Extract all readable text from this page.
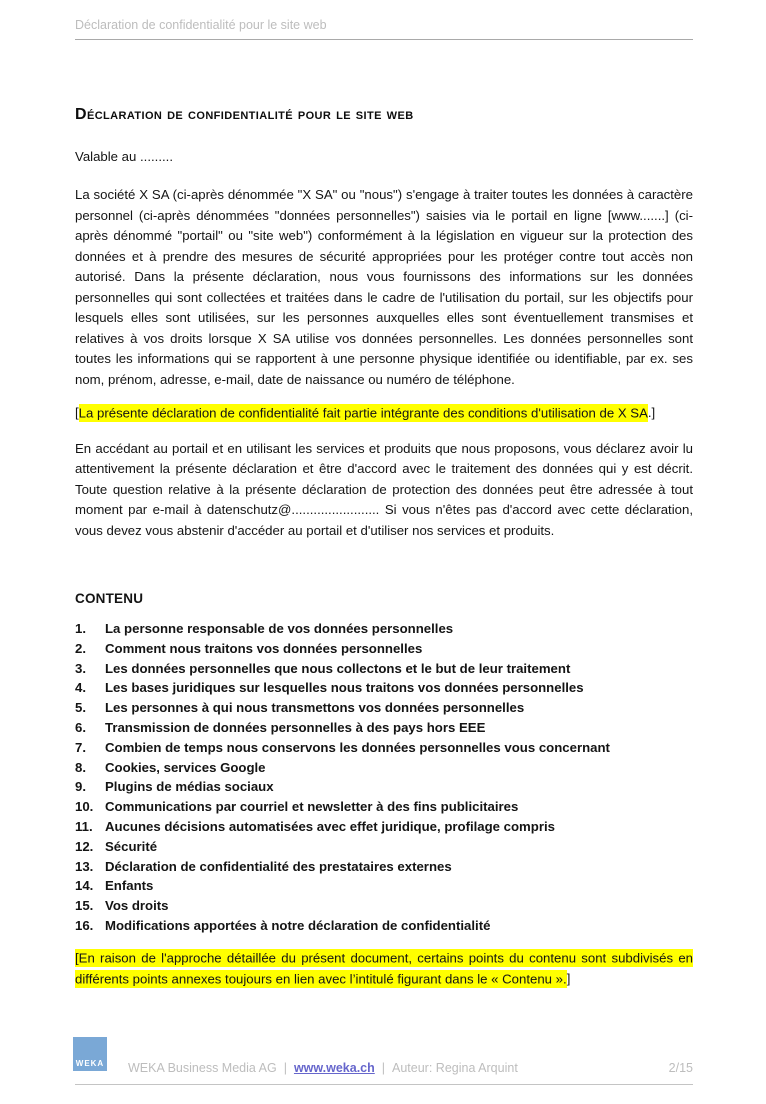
Déclaration de confidentialité pour le site web
Déclaration de confidentialité pour le site web

Valable au .........

La société X SA (ci-après dénommée "X SA" ou "nous") s'engage à traiter toutes les données à caractère personnel (ci-après dénommées "données personnelles") saisies via le portail en ligne [www.......] (ci-après dénommé "portail" ou "site web") conformément à la législation en vigueur sur la protection des données et à prendre des mesures de sécurité appropriées pour les protéger contre tout accès non autorisé. Dans la présente déclaration, nous vous fournissons des informations sur les données personnelles qui sont collectées et traitées dans le cadre de l'utilisation du portail, sur les objectifs pour lesquels elles sont utilisées, sur les personnes auxquelles elles sont éventuellement transmises et relatives à vos droits lorsque X SA utilise vos données personnelles. Les données personnelles sont toutes les informations qui se rapportent à une personne physique identifiée ou identifiable, par ex. ses nom, prénom, adresse, e-mail, date de naissance ou numéro de téléphone.

[La présente déclaration de confidentialité fait partie intégrante des conditions d'utilisation de X SA.]

En accédant au portail et en utilisant les services et produits que nous proposons, vous déclarez avoir lu attentivement la présente déclaration et être d'accord avec le traitement des données qui y est décrit. Toute question relative à la présente déclaration de protection des données peut être adressée à tout moment par e-mail à datenschutz@........................ Si vous n'êtes pas d'accord avec cette déclaration, vous devez vous abstenir d'accéder au portail et d'utiliser nos services et produits.

CONTENU
1.	La personne responsable de vos données personnelles
2.	Comment nous traitons vos données personnelles
3.	Les données personnelles que nous collectons et le but de leur traitement
4.	Les bases juridiques sur lesquelles nous traitons vos données personnelles
5.	Les personnes à qui nous transmettons vos données personnelles
6.	Transmission de données personnelles à des pays hors EEE
7.	Combien de temps nous conservons les données personnelles vous concernant
8.	Cookies, services Google
9.	Plugins de médias sociaux
10. Communications par courriel et newsletter à des fins publicitaires
11. Aucunes décisions automatisées avec effet juridique, profilage compris
12. Sécurité
13. Déclaration de confidentialité des prestataires externes
14. Enfants
15. Vos droits
16. Modifications apportées à notre déclaration de confidentialité

[En raison de l'approche détaillée du présent document, certains points du contenu sont subdivisés en différents points annexes toujours en lien avec l’intitulé figurant dans le « Contenu ».]

WEKA WEKA Business Media AG | www.weka.ch | Auteur: Regina Arquint	2/15
